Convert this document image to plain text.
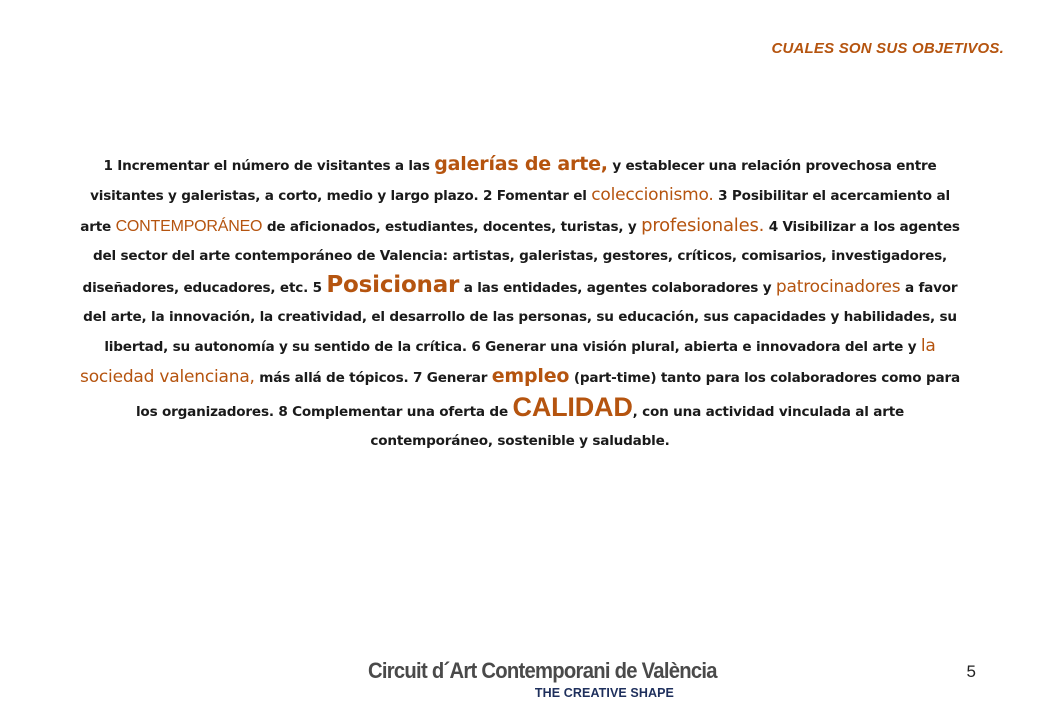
CUALES SON SUS OBJETIVOS.
1 Incrementar el número de visitantes a las galerías de arte, y establecer una relación provechosa entre visitantes y galeristas, a corto, medio y largo plazo. 2 Fomentar el coleccionismo. 3 Posibilitar el acercamiento al arte CONTEMPORÁNEO de aficionados, estudiantes, docentes, turistas, y profesionales. 4 Visibilizar a los agentes del sector del arte contemporáneo de Valencia: artistas, galeristas, gestores, críticos, comisarios, investigadores, diseñadores, educadores, etc. 5 Posicionar a las entidades, agentes colaboradores y patrocinadores a favor del arte, la innovación, la creatividad, el desarrollo de las personas, su educación, sus capacidades y habilidades, su libertad, su autonomía y su sentido de la crítica. 6 Generar una visión plural, abierta e innovadora del arte y la sociedad valenciana, más allá de tópicos. 7 Generar empleo (part-time) tanto para los colaboradores como para los organizadores. 8 Complementar una oferta de CALIDAD, con una actividad vinculada al arte contemporáneo, sostenible y saludable.
Circuit d´Art Contemporani de València
THE CREATIVE SHAPE
5
